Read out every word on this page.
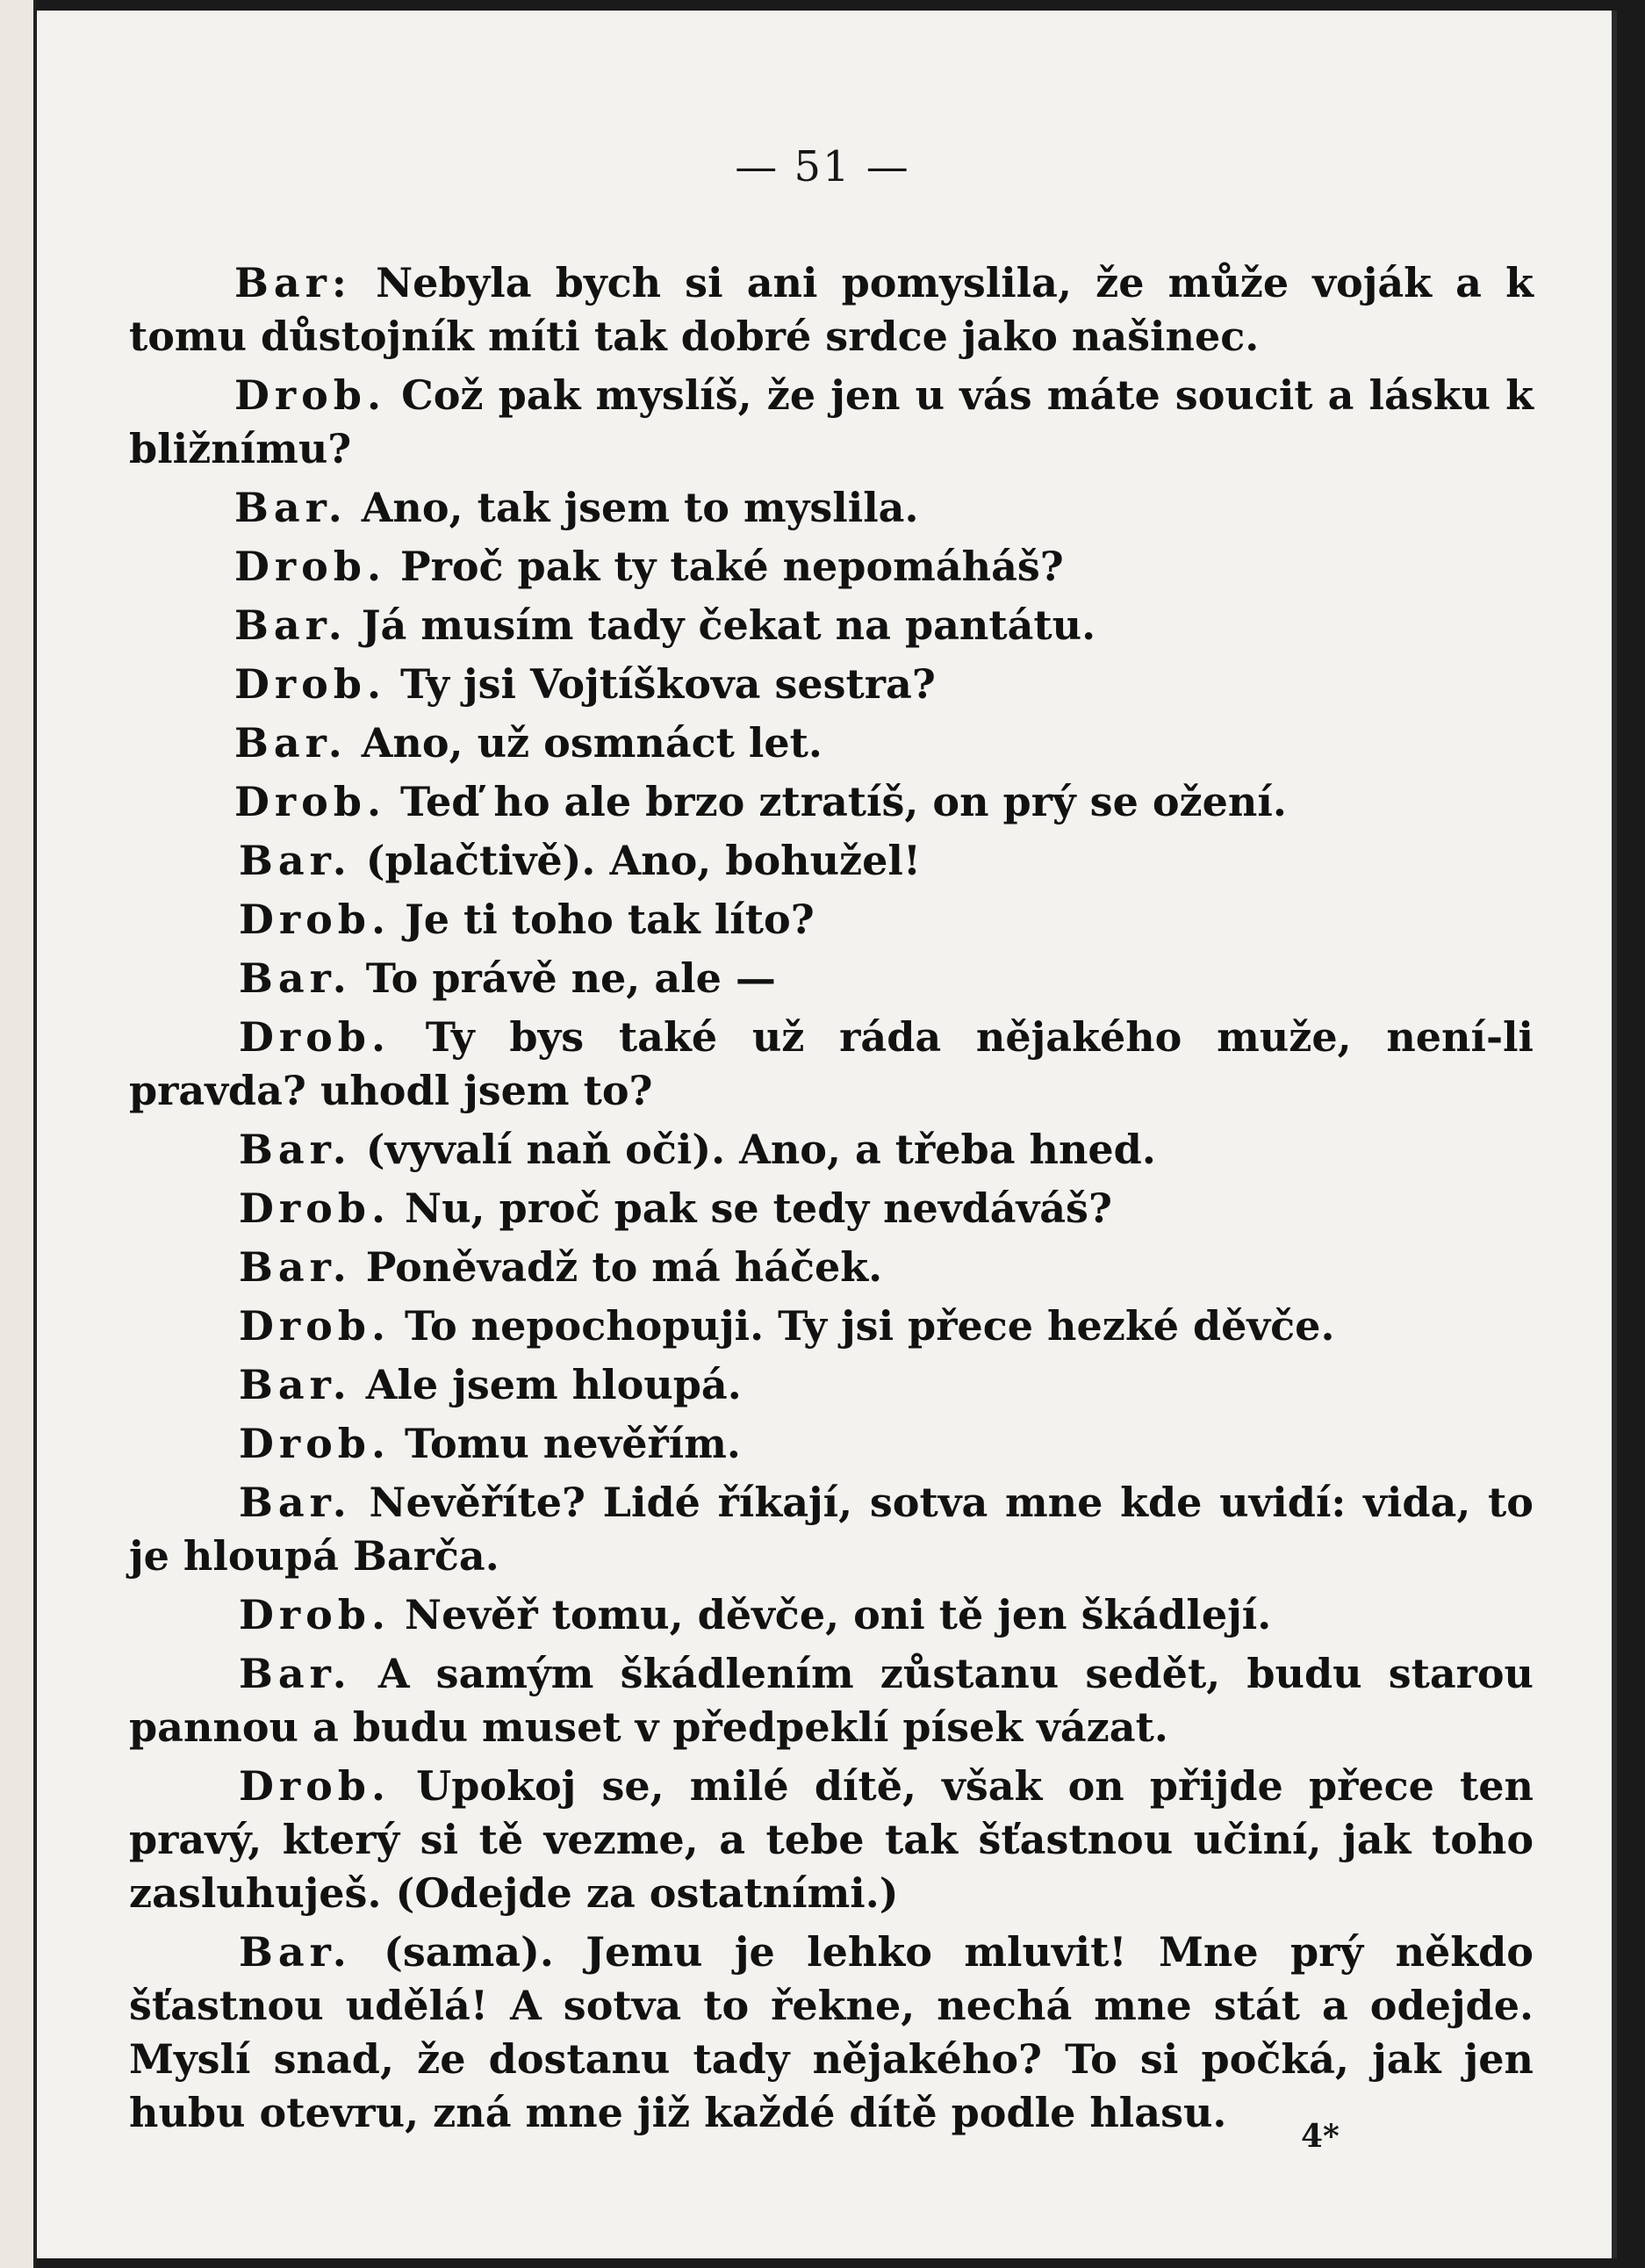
— 51 —
Bar: Nebyla bych si ani pomyslila, že může voják a k tomu důstojník míti tak dobré srdce jako našinec.
Drob. Což pak myslíš, že jen u vás máte soucit a lásku k bližnímu?
Bar. Ano, tak jsem to myslila.
Drob. Proč pak ty také nepomáháš?
Bar. Já musím tady čekat na pantátu.
Drob. Ty jsi Vojtíškova sestra?
Bar. Ano, už osmnáct let.
Drob. Teď ho ale brzo ztratíš, on prý se ožení.
Bar. (plačtivě). Ano, bohužel!
Drob. Je ti toho tak líto?
Bar. To právě ne, ale —
Drob. Ty bys také už ráda nějakého muže, není-li pravda? uhodl jsem to?
Bar. (vyvalí naň oči). Ano, a třeba hned.
Drob. Nu, proč pak se tedy nevdáváš?
Bar. Poněvadž to má háček.
Drob. To nepochopuji. Ty jsi přece hezké děvče.
Bar. Ale jsem hloupá.
Drob. Tomu nevěřím.
Bar. Nevěříte? Lidé říkají, sotva mne kde uvidí: vida, to je hloupá Barča.
Drob. Nevěř tomu, děvče, oni tě jen škádlejí.
Bar. A samým škádlením zůstanu sedět, budu starou pannou a budu muset v předpeklí písek vázat.
Drob. Upokoj se, milé dítě, však on přijde přece ten pravý, který si tě vezme, a tebe tak šťastnou učiní, jak toho zasluhuješ. (Odejde za ostatními.)
Bar. (sama). Jemu je lehko mluvit! Mne prý někdo šťastnou udělá! A sotva to řekne, nechá mne stát a odejde. Myslí snad, že dostanu tady nějakého? To si počká, jak jen hubu otevru, zná mne již každé dítě podle hlasu.	4*
